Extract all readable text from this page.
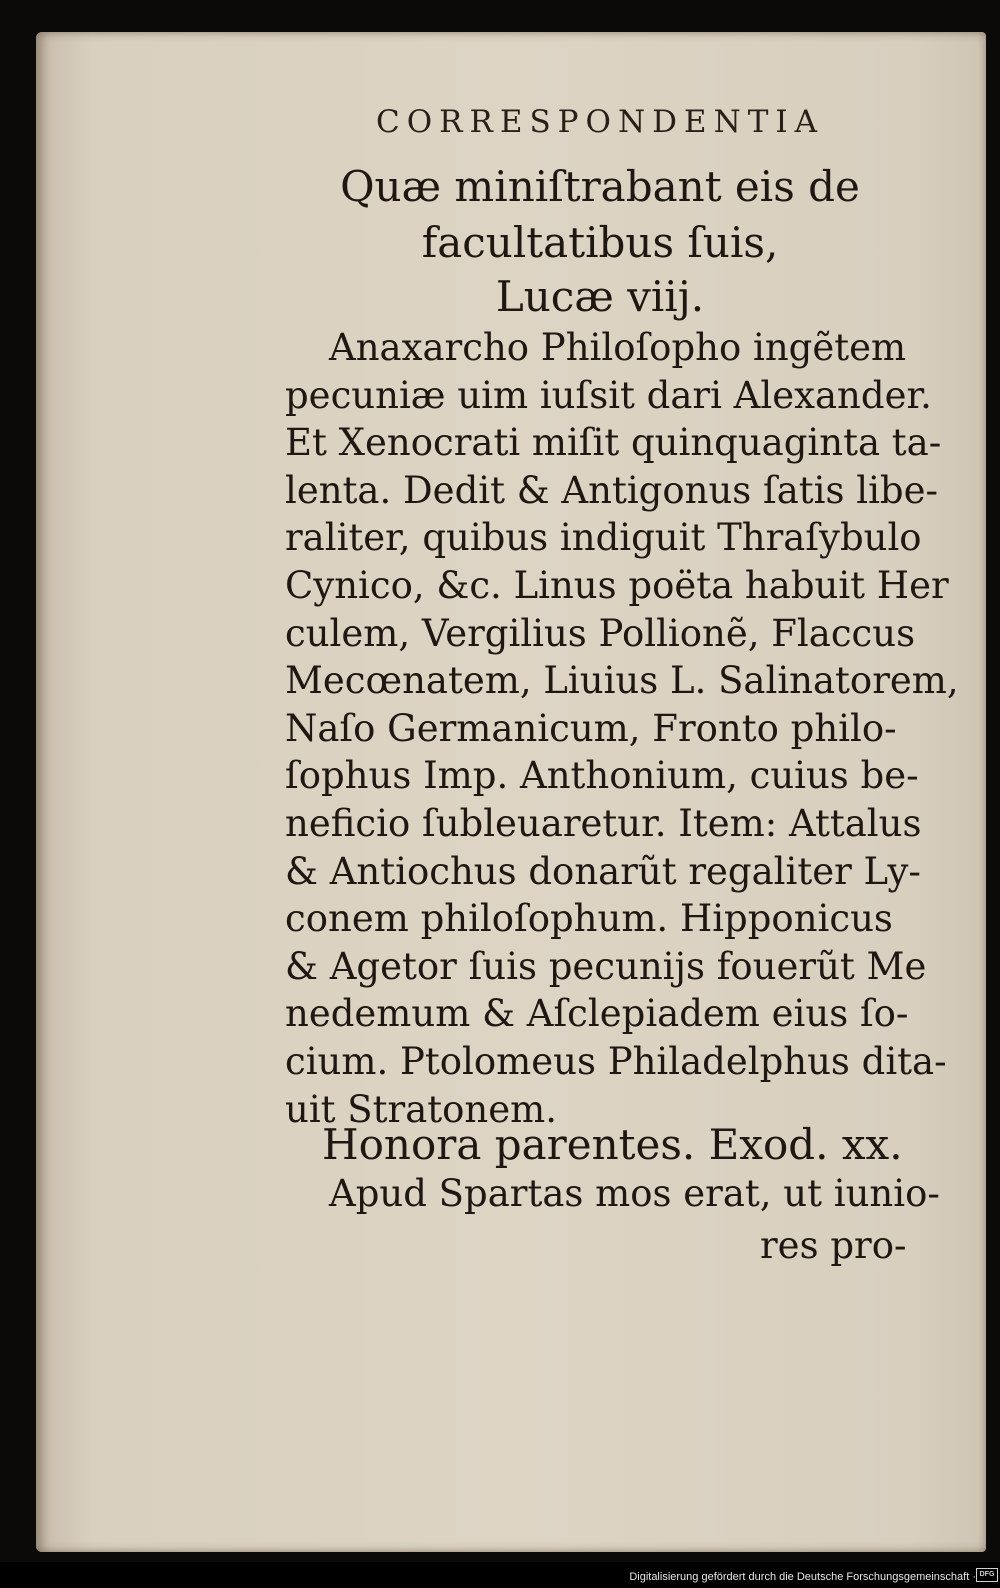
CORRESPONDENTIA
Quæ miniſtrabant eis de
facultatibus ſuis,
Lucæ viij.
Anaxarcho Philoſopho ingẽtem
pecuniæ uim iuſsit dari Alexander.
Et Xenocrati miſit quinquaginta ta-
lenta. Dedit & Antigonus ſatis libe-
raliter, quibus indiguit Thraſybulo
Cynico, &c. Linus poëta habuit Her
culem, Vergilius Pollionẽ, Flaccus
Mecœnatem, Liuius L. Salinatorem,
Naſo Germanicum, Fronto philo-
ſophus Imp. Anthonium, cuius be-
neficio ſubleuaretur. Item: Attalus
& Antiochus donarũt regaliter Ly-
conem philoſophum. Hipponicus
& Agetor ſuis pecunijs fouerũt Me
nedemum & Aſclepiadem eius ſo-
cium. Ptolomeus Philadelphus dita-
uit Stratonem.
Honora parentes. Exod. xx.
Apud Spartas mos erat, ut iunio-
res pro-
Digitalisierung gefördert durch die Deutsche Forschungsgemeinschaft · DFG
